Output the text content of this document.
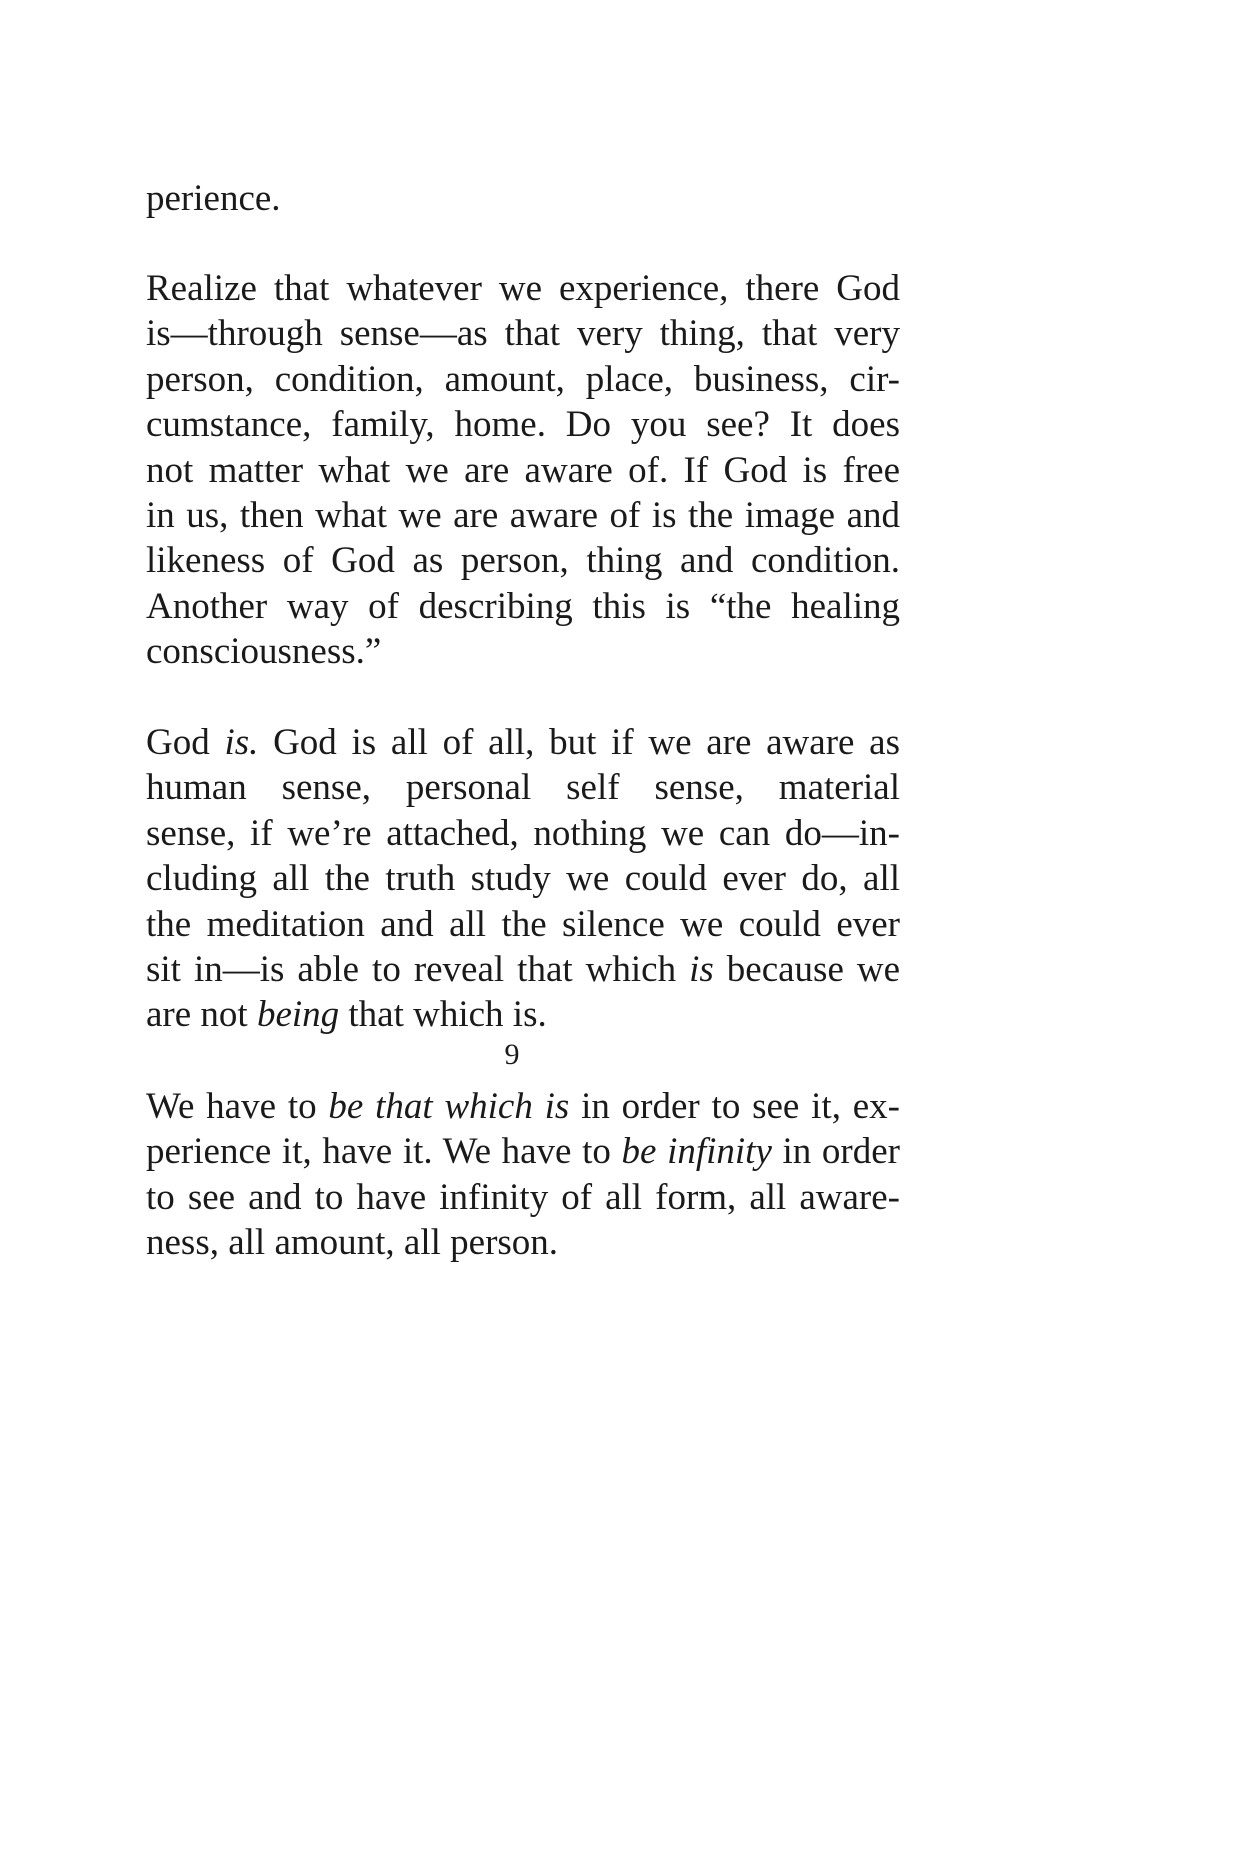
perience.
Realize that whatever we experience, there God
is—through sense—as that very thing, that very
person, condition, amount, place, business, cir-
cumstance, family, home. Do you see? It does
not matter what we are aware of. If God is free
in us, then what we are aware of is the image and
likeness of God as person, thing and condition.
Another way of describing this is “the healing
consciousness.”
God is. God is all of all, but if we are aware as
human sense, personal self sense, material
sense, if we’re attached, nothing we can do—in-
cluding all the truth study we could ever do, all
the meditation and all the silence we could ever
sit in—is able to reveal that which is because we
are not being that which is.
We have to be that which is in order to see it, ex-
perience it, have it. We have to be infinity in order
to see and to have infinity of all form, all aware-
ness, all amount, all person.
9
